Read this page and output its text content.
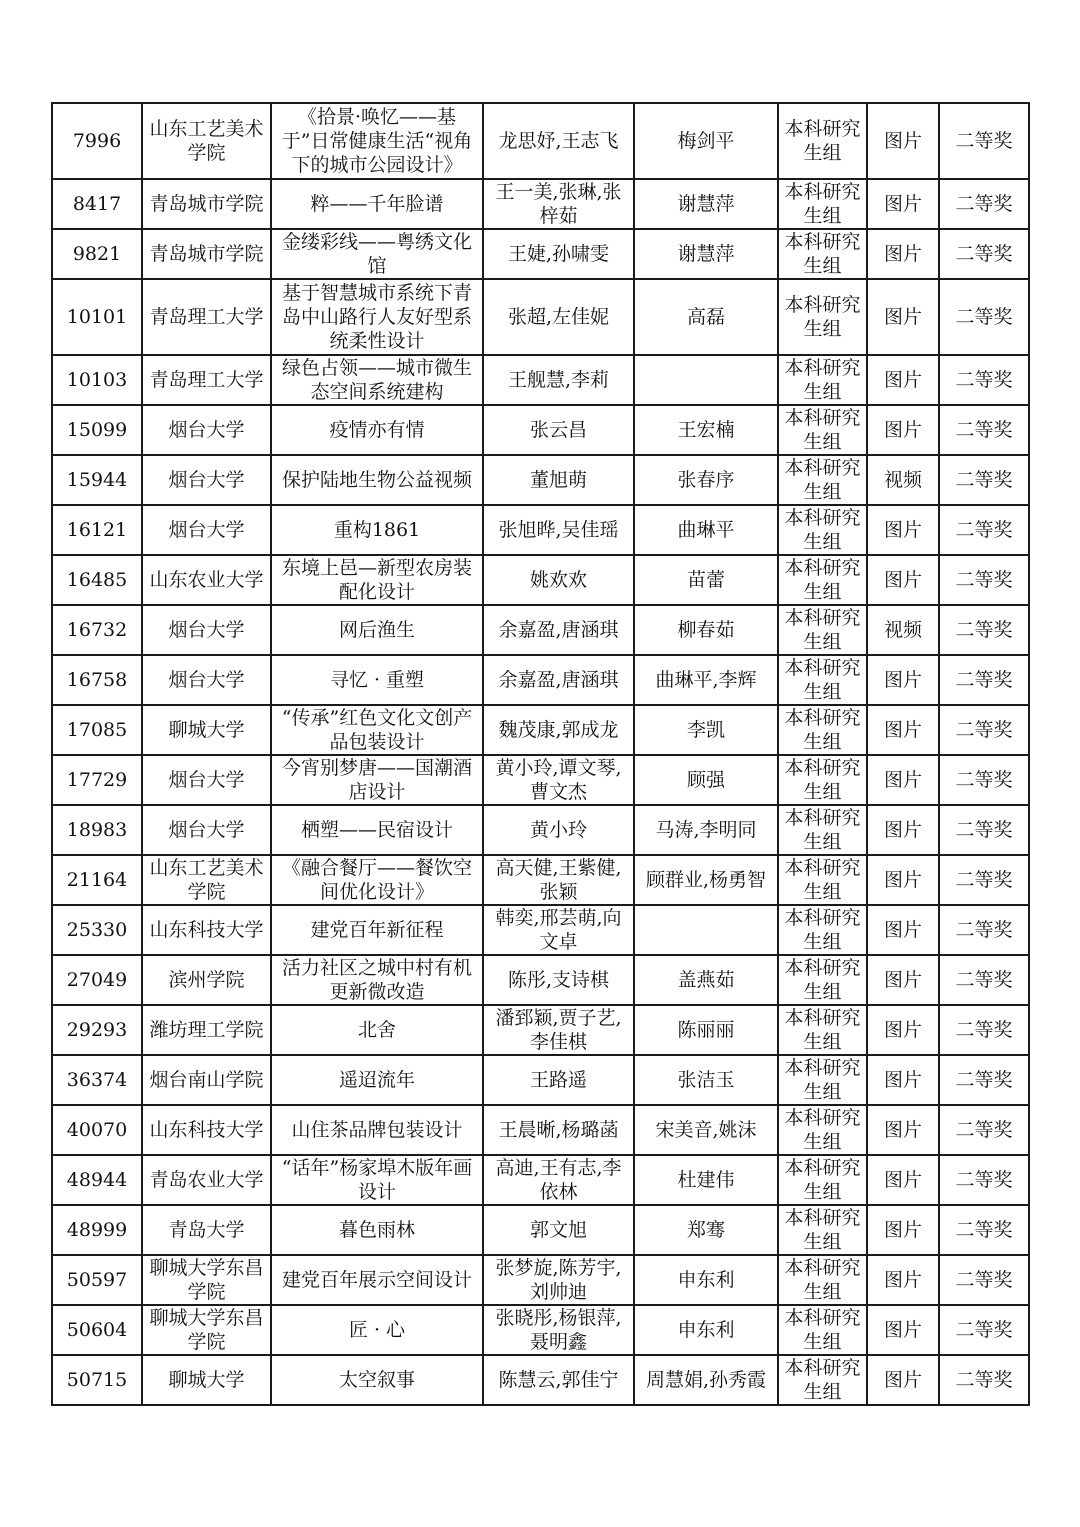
7996	山东工艺美术学院	《拾景·唤忆——基于”日常健康生活“视角下的城市公园设计》	龙思妤,王志飞	梅剑平	本科研究生组	图片	二等奖
8417	青岛城市学院	粹——千年脸谱	王一美,张琳,张梓茹	谢慧萍	本科研究生组	图片	二等奖
9821	青岛城市学院	金缕彩线——粤绣文化馆	王婕,孙啸雯	谢慧萍	本科研究生组	图片	二等奖
10101	青岛理工大学	基于智慧城市系统下青岛中山路行人友好型系统柔性设计	张超,左佳妮	高磊	本科研究生组	图片	二等奖
10103	青岛理工大学	绿色占领——城市微生态空间系统建构	王舰慧,李莉		本科研究生组	图片	二等奖
15099	烟台大学	疫情亦有情	张云昌	王宏楠	本科研究生组	图片	二等奖
15944	烟台大学	保护陆地生物公益视频	董旭萌	张春序	本科研究生组	视频	二等奖
16121	烟台大学	重构1861	张旭晔,吴佳瑶	曲琳平	本科研究生组	图片	二等奖
16485	山东农业大学	东境上邑—新型农房装配化设计	姚欢欢	苗蕾	本科研究生组	图片	二等奖
16732	烟台大学	网后渔生	余嘉盈,唐涵琪	柳春茹	本科研究生组	视频	二等奖
16758	烟台大学	寻忆 · 重塑	余嘉盈,唐涵琪	曲琳平,李辉	本科研究生组	图片	二等奖
17085	聊城大学	“传承”红色文化文创产品包装设计	魏茂康,郭成龙	李凯	本科研究生组	图片	二等奖
17729	烟台大学	今宵别梦唐——国潮酒店设计	黄小玲,谭文琴,曹文杰	顾强	本科研究生组	图片	二等奖
18983	烟台大学	栖塑——民宿设计	黄小玲	马涛,李明同	本科研究生组	图片	二等奖
21164	山东工艺美术学院	《融合餐厅——餐饮空间优化设计》	高天健,王紫健,张颖	顾群业,杨勇智	本科研究生组	图片	二等奖
25330	山东科技大学	建党百年新征程	韩奕,邢芸萌,向文卓		本科研究生组	图片	二等奖
27049	滨州学院	活力社区之城中村有机更新微改造	陈彤,支诗棋	盖燕茹	本科研究生组	图片	二等奖
29293	潍坊理工学院	北舍	潘郅颖,贾子艺,李佳棋	陈丽丽	本科研究生组	图片	二等奖
36374	烟台南山学院	遥迢流年	王路遥	张洁玉	本科研究生组	图片	二等奖
40070	山东科技大学	山住茶品牌包装设计	王晨晰,杨璐菡	宋美音,姚沫	本科研究生组	图片	二等奖
48944	青岛农业大学	“话年”杨家埠木版年画设计	高迪,王有志,李依林	杜建伟	本科研究生组	图片	二等奖
48999	青岛大学	暮色雨林	郭文旭	郑骞	本科研究生组	图片	二等奖
50597	聊城大学东昌学院	建党百年展示空间设计	张梦旋,陈芳宇,刘帅迪	申东利	本科研究生组	图片	二等奖
50604	聊城大学东昌学院	匠 · 心	张晓彤,杨银萍,聂明鑫	申东利	本科研究生组	图片	二等奖
50715	聊城大学	太空叙事	陈慧云,郭佳宁	周慧娟,孙秀霞	本科研究生组	图片	二等奖
